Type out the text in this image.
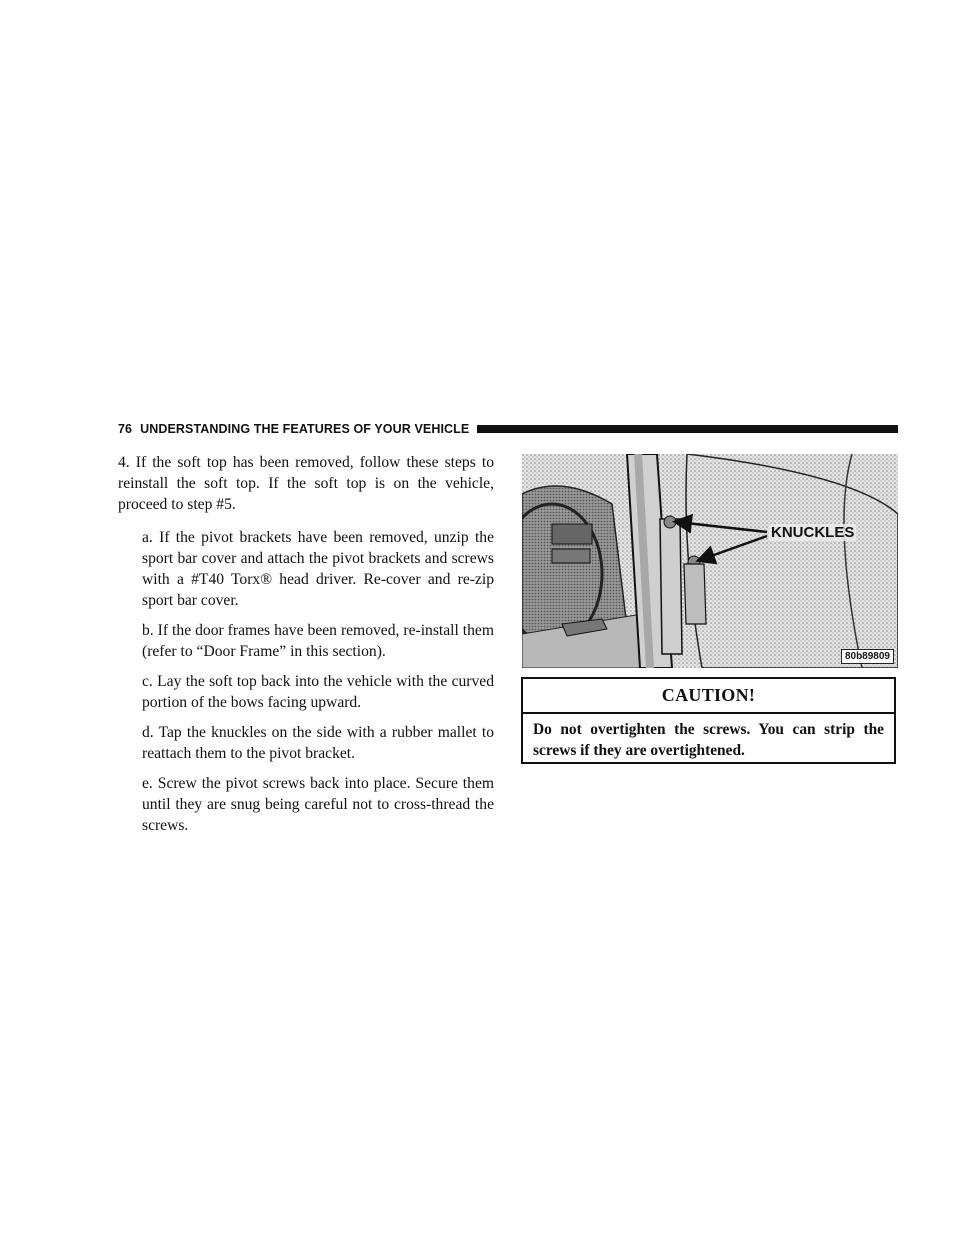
76 UNDERSTANDING THE FEATURES OF YOUR VEHICLE

4. If the soft top has been removed, follow these steps to reinstall the soft top. If the soft top is on the vehicle, proceed to step #5.

a. If the pivot brackets have been removed, unzip the sport bar cover and attach the pivot brackets and screws with a #T40 Torx® head driver. Re-cover and re-zip sport bar cover.

b. If the door frames have been removed, re-install them (refer to “Door Frame” in this section).

c. Lay the soft top back into the vehicle with the curved portion of the bows facing upward.

d. Tap the knuckles on the side with a rubber mallet to reattach them to the pivot bracket.

e. Screw the pivot screws back into place. Secure them until they are snug being careful not to cross-thread the screws.

KNUCKLES
80b89809
CAUTION!
Do not overtighten the screws. You can strip the screws if they are overtightened.
